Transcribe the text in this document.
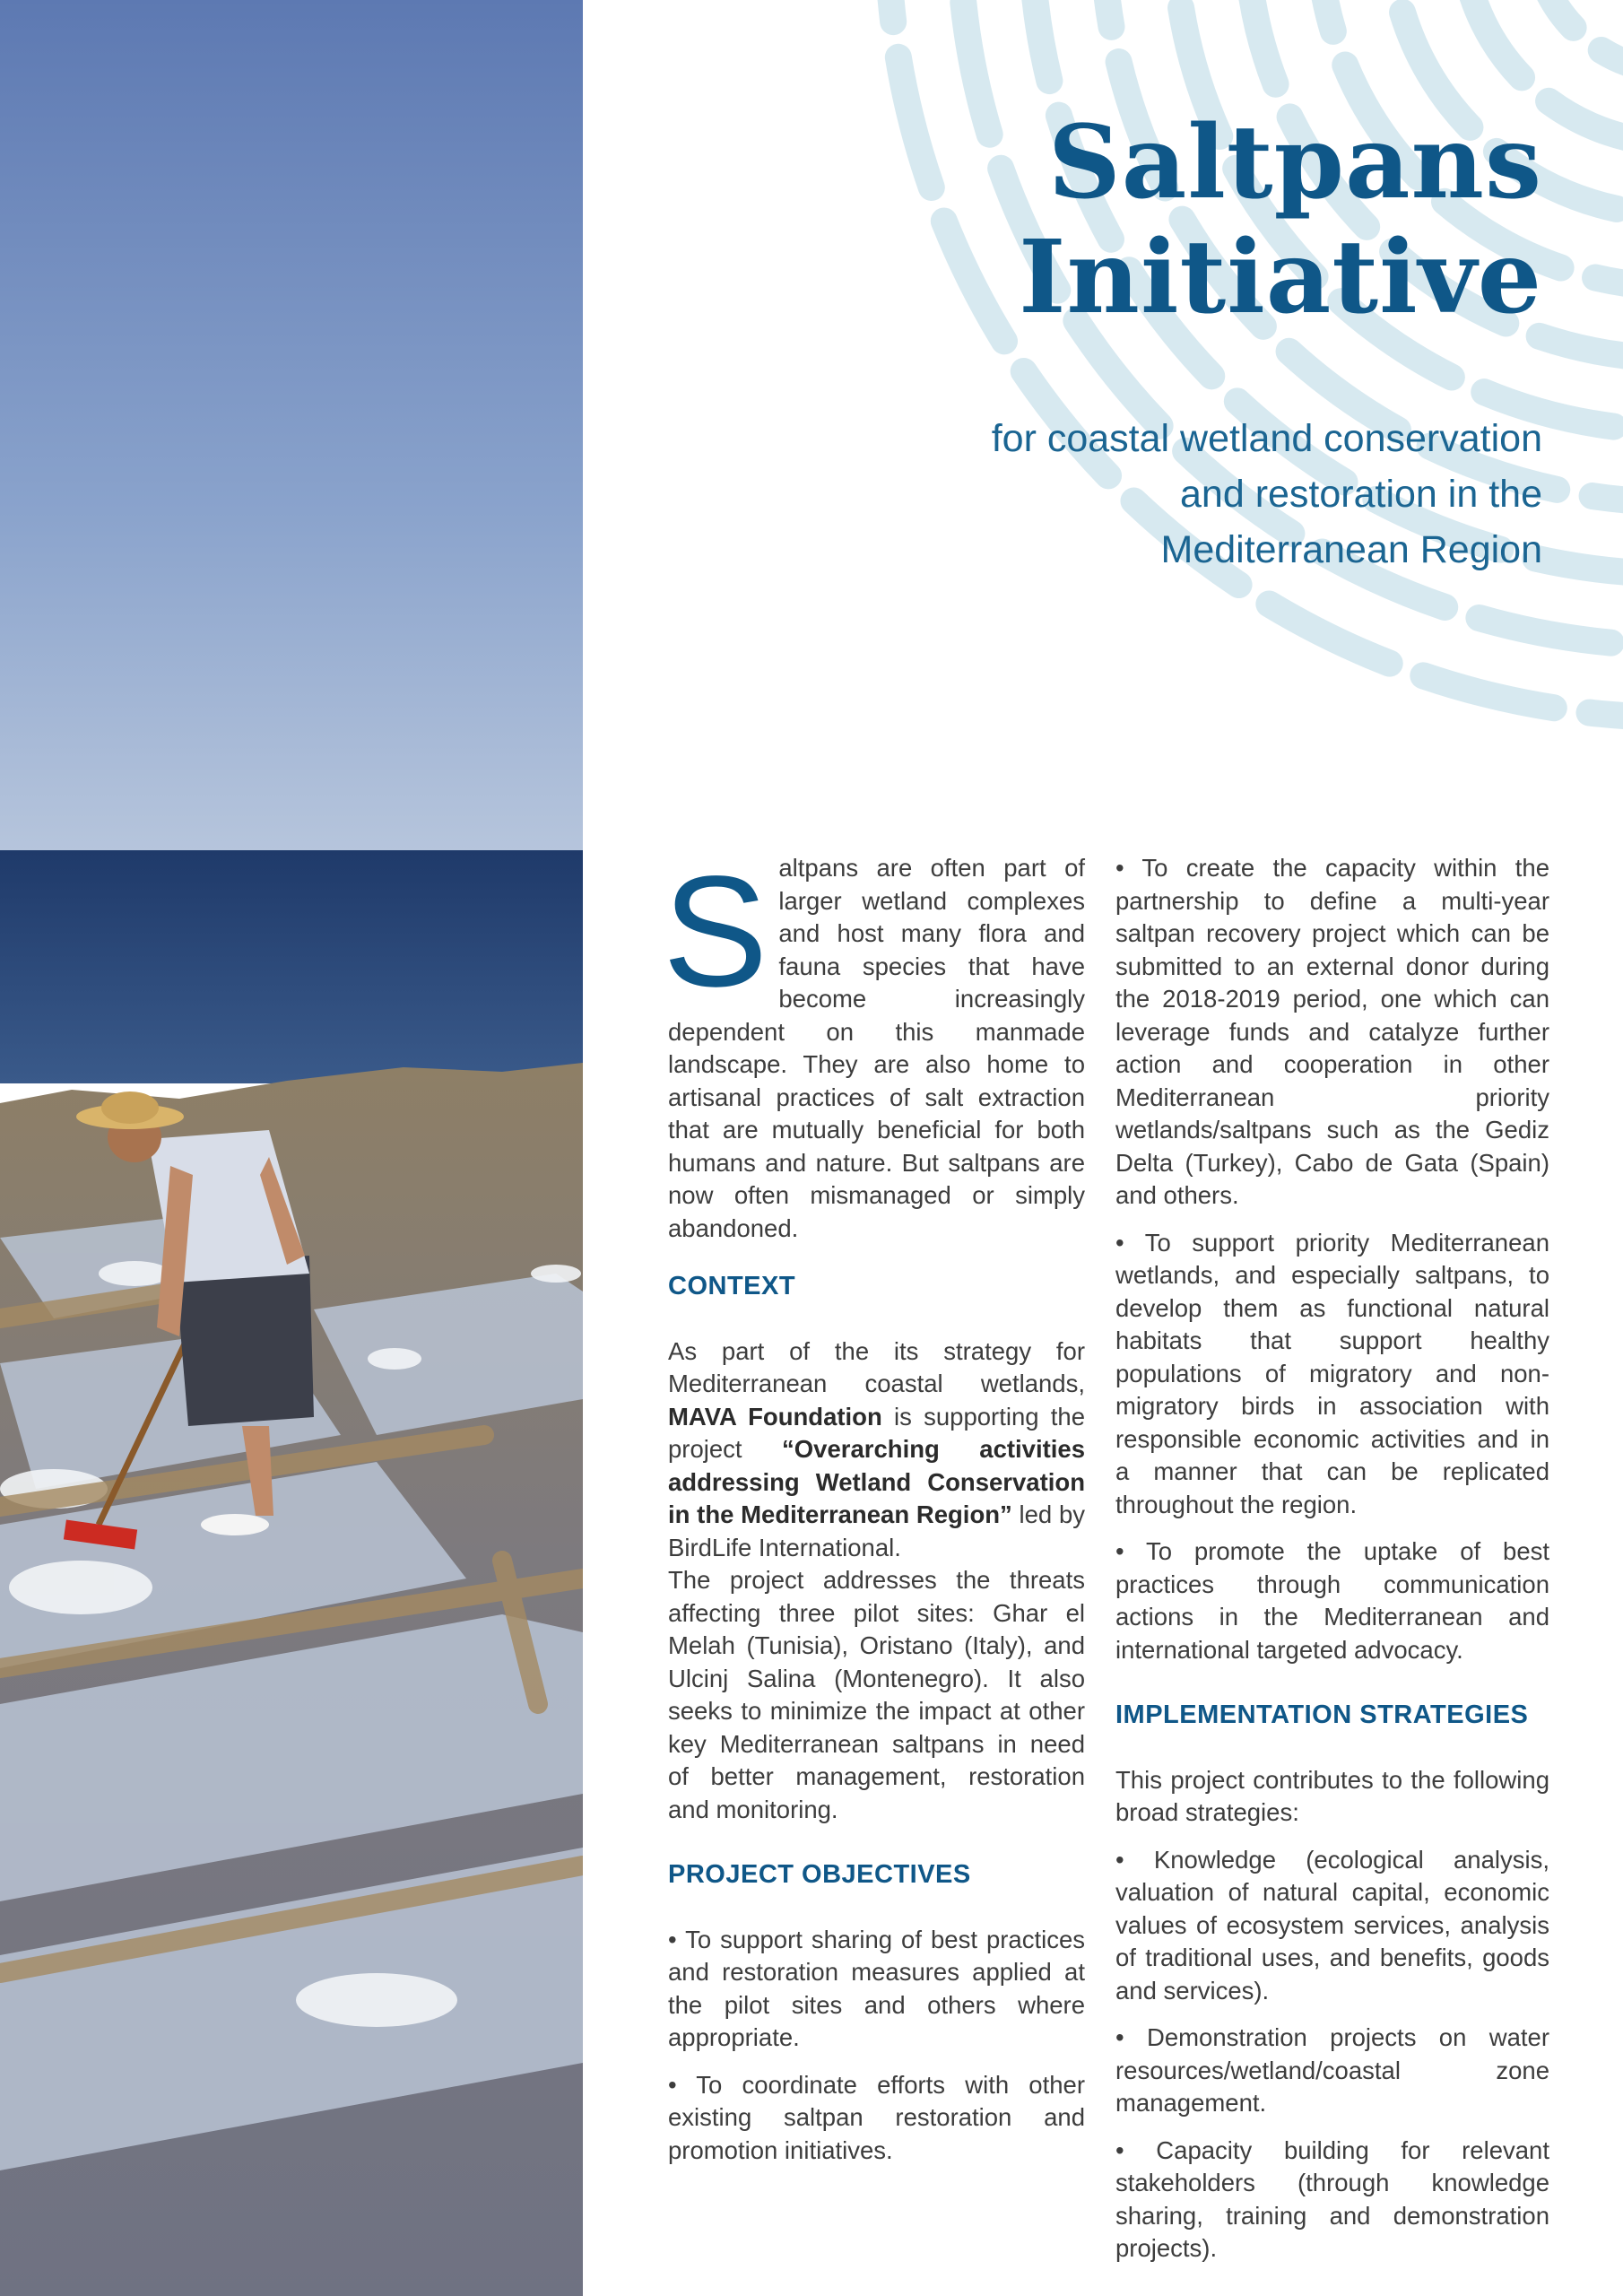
Saltpans
Initiative
for coastal wetland conservation
and restoration in the
Mediterranean Region

Saltpans are often part of larger wetland complexes and host many flora and fauna species that have become increasingly dependent on this manmade landscape. They are also home to artisanal practices of salt extraction that are mutually beneficial for both humans and nature. But saltpans are now often mismanaged or simply abandoned.

CONTEXT

As part of the its strategy for Mediterranean coastal wetlands, MAVA Foundation is supporting the project “Overarching activities addressing Wetland Conservation in the Mediterranean Region” led by BirdLife International.

The project addresses the threats affecting three pilot sites: Ghar el Melah (Tunisia), Oristano (Italy), and Ulcinj Salina (Montenegro). It also seeks to minimize the impact at other key Mediterranean saltpans in need of better management, restoration and monitoring.

PROJECT OBJECTIVES

• To support sharing of best practices and restoration measures applied at the pilot sites and others where appropriate.

• To coordinate efforts with other existing saltpan restoration and promotion initiatives.

• To create the capacity within the partnership to define a multi-year saltpan recovery project which can be submitted to an external donor during the 2018-2019 period, one which can leverage funds and catalyze further action and cooperation in other Mediterranean priority wetlands/saltpans such as the Gediz Delta (Turkey), Cabo de Gata (Spain) and others.

• To support priority Mediterranean wetlands, and especially saltpans, to develop them as functional natural habitats that support healthy populations of migratory and non-migratory birds in association with responsible economic activities and in a manner that can be replicated throughout the region.

• To promote the uptake of best practices through communication actions in the Mediterranean and international targeted advocacy.

IMPLEMENTATION STRATEGIES

This project contributes to the following broad strategies:

• Knowledge (ecological analysis, valuation of natural capital, economic values of ecosystem services, analysis of traditional uses, and benefits, goods and services).

• Demonstration projects on water resources/wetland/coastal zone management.

• Capacity building for relevant stakeholders (through knowledge sharing, training and demonstration projects).
